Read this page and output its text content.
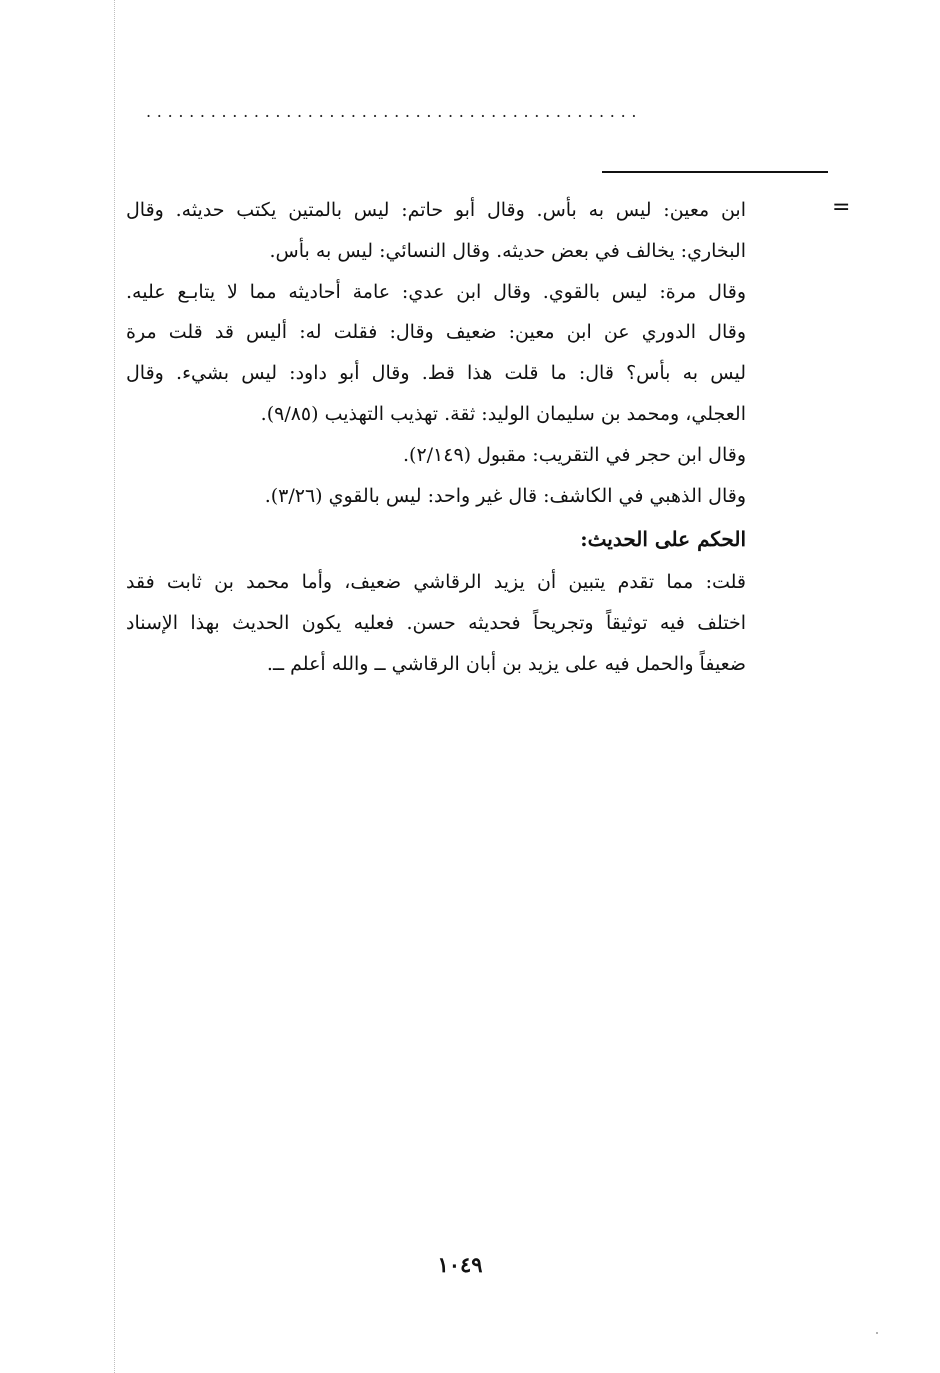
..............................................
=
ابن معين: ليس به بأس. وقال أبو حاتم: ليس بالمتين يكتب حديثه. وقال
البخاري: يخالف في بعض حديثه. وقال النسائي: ليس به بأس.
وقال مرة: ليس بالقوي. وقال ابن عدي: عامة أحاديثه مما لا يتابـع عليه.
وقال الدوري عن ابن معين: ضعيف وقال: فقلت له: أليس قد قلت مرة
ليس به بأس؟ قال: ما قلت هذا قط. وقال أبو داود: ليس بشيء. وقال
العجلي، ومحمد بن سليمان الوليد: ثقة. تهذيب التهذيب (٩/٨٥).
وقال ابن حجر في التقريب: مقبول (٢/١٤٩).
وقال الذهبي في الكاشف: قال غير واحد: ليس بالقوي (٣/٢٦).
الحكم على الحديث:
قلت: مما تقدم يتبين أن يزيد الرقاشي ضعيف، وأما محمد بن ثابت فقد
اختلف فيه توثيقاً وتجريحاً فحديثه حسن. فعليه يكون الحديث بهذا الإسناد
ضعيفاً والحمل فيه على يزيد بن أبان الرقاشي ــ والله أعلم ــ.
١٠٤٩
